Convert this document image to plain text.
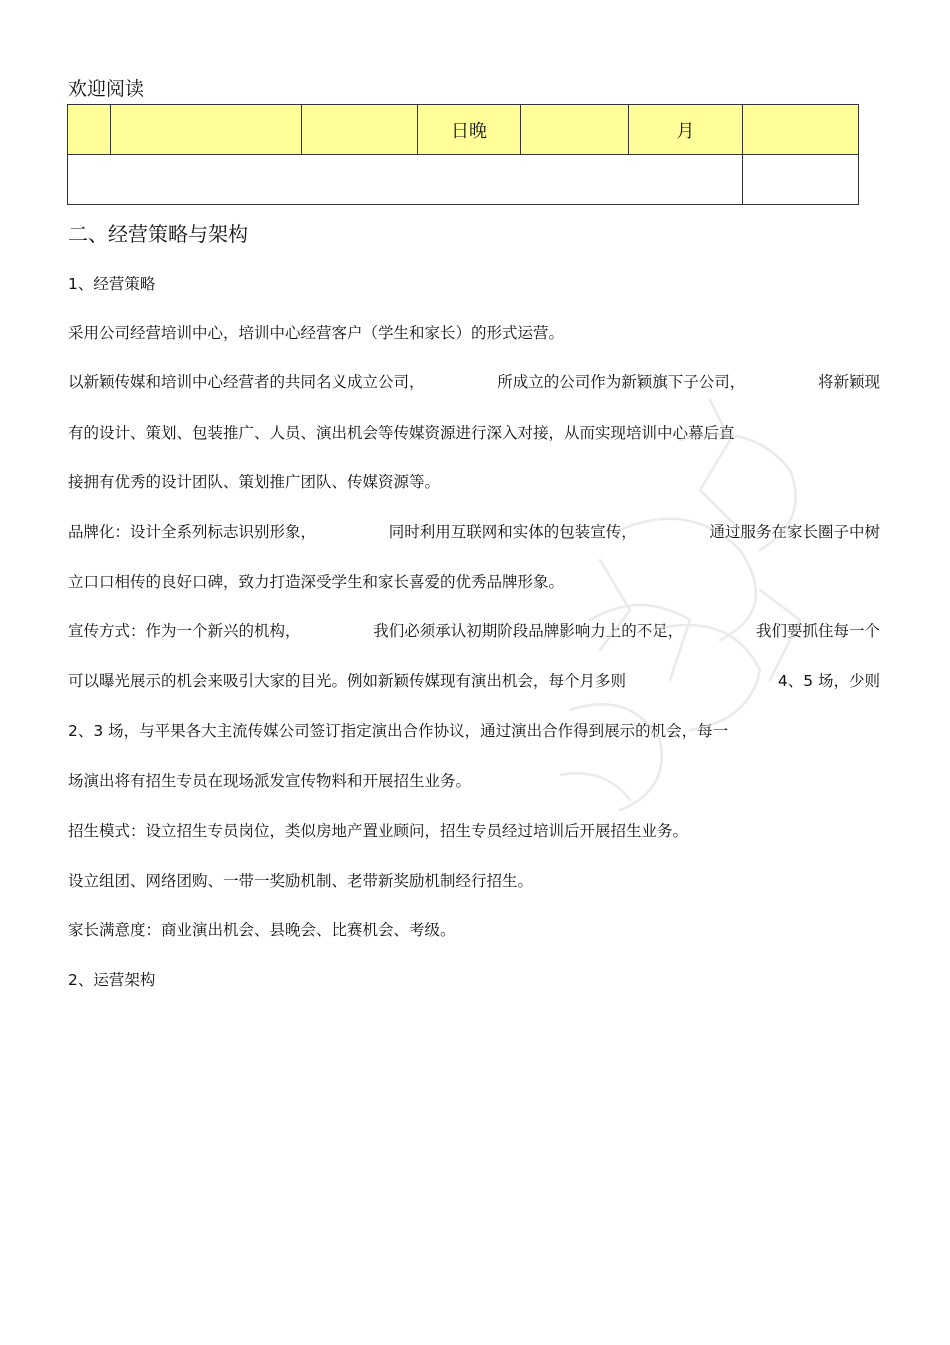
欢迎阅读
			日晚		月	

二、经营策略与架构
1、经营策略
采用公司经营培训中心，培训中心经营客户（学生和家长）的形式运营。
以新颖传媒和培训中心经营者的共同名义成立公司，	所成立的公司作为新颖旗下子公司，	将新颖现
有的设计、策划、包装推广、人员、演出机会等传媒资源进行深入对接，从而实现培训中心幕后直
接拥有优秀的设计团队、策划推广团队、传媒资源等。
品牌化：设计全系列标志识别形象，	同时利用互联网和实体的包装宣传，	通过服务在家长圈子中树
立口口相传的良好口碑，致力打造深受学生和家长喜爱的优秀品牌形象。
宣传方式：作为一个新兴的机构，	我们必须承认初期阶段品牌影响力上的不足，	我们要抓住每一个
可以曝光展示的机会来吸引大家的目光。例如新颖传媒现有演出机会，每个月多则	4、5 场，少则
2、3 场，与平果各大主流传媒公司签订指定演出合作协议，通过演出合作得到展示的机会，每一
场演出将有招生专员在现场派发宣传物料和开展招生业务。
招生模式：设立招生专员岗位，类似房地产置业顾问，招生专员经过培训后开展招生业务。
设立组团、网络团购、一带一奖励机制、老带新奖励机制经行招生。
家长满意度：商业演出机会、县晚会、比赛机会、考级。
2、运营架构
